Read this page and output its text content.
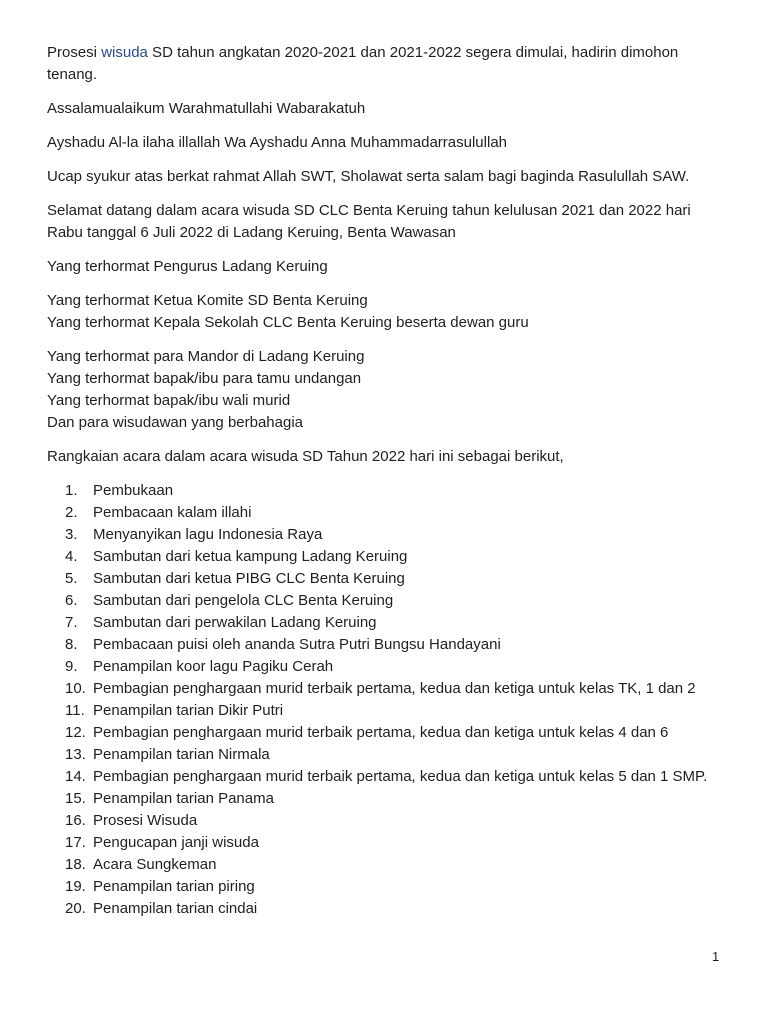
Prosesi wisuda SD tahun angkatan 2020-2021 dan 2021-2022 segera dimulai, hadirin dimohon tenang.

Assalamualaikum Warahmatullahi Wabarakatuh

Ayshadu Al-la ilaha illallah Wa Ayshadu Anna Muhammadarrasulullah

Ucap syukur atas berkat rahmat Allah SWT, Sholawat serta salam bagi baginda Rasulullah SAW.

Selamat datang dalam acara wisuda SD CLC Benta Keruing tahun kelulusan 2021 dan 2022 hari Rabu tanggal 6 Juli 2022 di Ladang Keruing, Benta Wawasan

Yang terhormat Pengurus Ladang Keruing
Yang terhormat Ketua Komite SD Benta Keruing
Yang terhormat Kepala Sekolah CLC Benta Keruing beserta dewan guru
Yang terhormat para Mandor di Ladang Keruing
Yang terhormat bapak/ibu para tamu undangan
Yang terhormat bapak/ibu wali murid
Dan para wisudawan yang berbahagia

Rangkaian acara dalam acara wisuda SD Tahun 2022 hari ini sebagai berikut,

1.	Pembukaan
2.	Pembacaan kalam illahi
3.	Menyanyikan lagu Indonesia Raya
4.	Sambutan dari ketua kampung Ladang Keruing
5.	Sambutan dari ketua PIBG CLC Benta Keruing
6.	Sambutan dari pengelola CLC Benta Keruing
7.	Sambutan dari perwakilan Ladang Keruing
8.	Pembacaan puisi oleh ananda Sutra Putri Bungsu Handayani
9.	Penampilan koor lagu Pagiku Cerah
10. Pembagian penghargaan murid terbaik pertama, kedua dan ketiga untuk kelas TK, 1 dan 2
11. Penampilan tarian Dikir Putri
12. Pembagian penghargaan murid terbaik pertama, kedua dan ketiga untuk kelas 4 dan 6
13. Penampilan tarian Nirmala
14. Pembagian penghargaan murid terbaik pertama, kedua dan ketiga untuk kelas 5 dan 1 SMP.
15. Penampilan tarian Panama
16. Prosesi Wisuda
17. Pengucapan janji wisuda
18. Acara Sungkeman
19. Penampilan tarian piring
20. Penampilan tarian cindai
1
